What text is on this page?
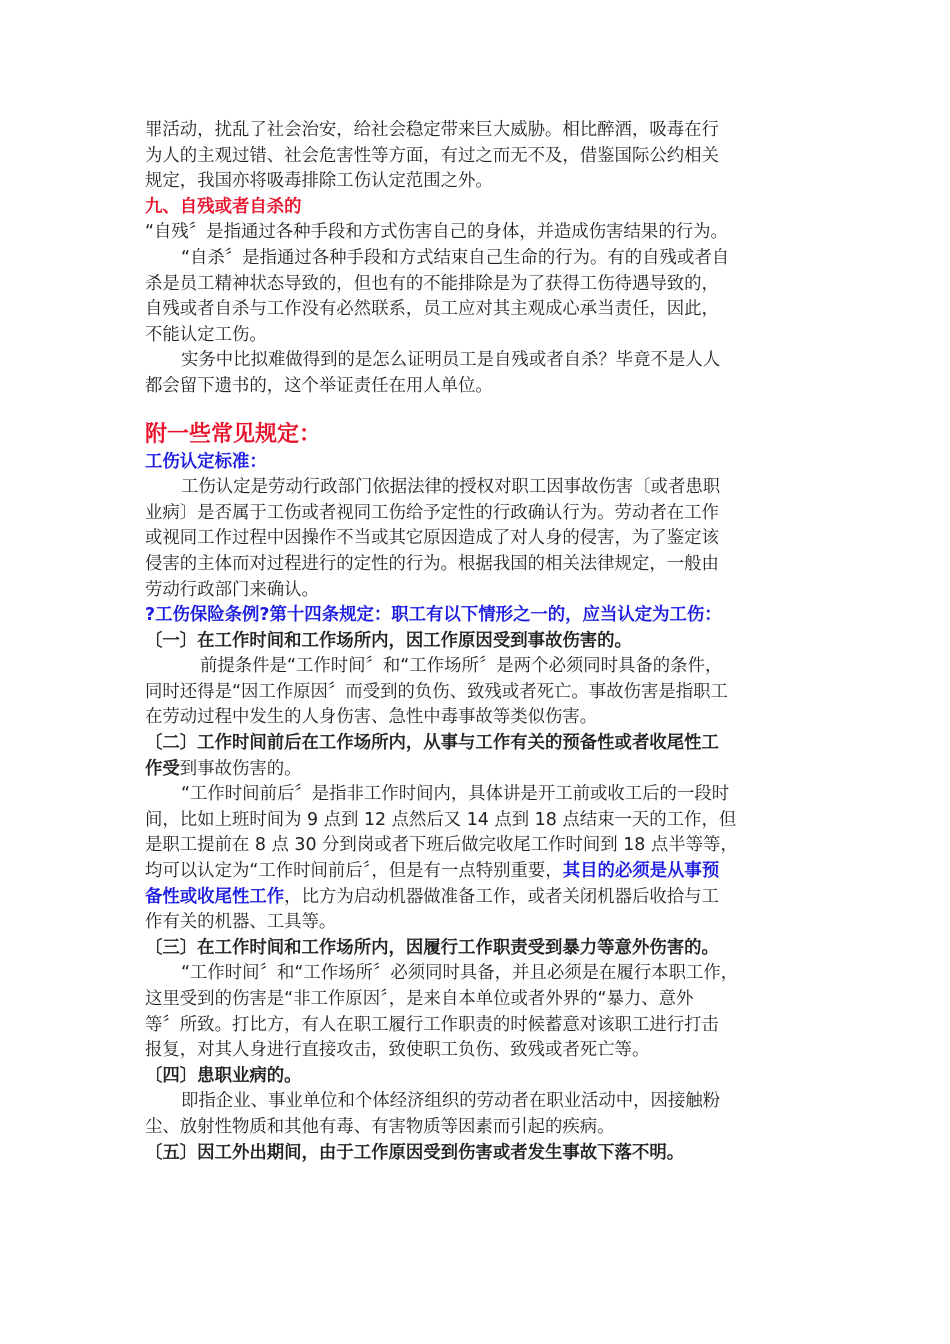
罪活动，扰乱了社会治安，给社会稳定带来巨大威胁。相比醉酒，吸毒在行

为人的主观过错、社会危害性等方面，有过之而无不及，借鉴国际公约相关

规定，我国亦将吸毒排除工伤认定范围之外。

九、自残或者自杀的

“自残〞是指通过各种手段和方式伤害自己的身体，并造成伤害结果的行为。

“自杀〞是指通过各种手段和方式结束自己生命的行为。有的自残或者自

杀是员工精神状态导致的，但也有的不能排除是为了获得工伤待遇导致的，

自残或者自杀与工作没有必然联系，员工应对其主观成心承当责任，因此，

不能认定工伤。

实务中比拟难做得到的是怎么证明员工是自残或者自杀？毕竟不是人人

都会留下遗书的，这个举证责任在用人单位。

附一些常见规定：

工伤认定标准：

工伤认定是劳动行政部门依据法律的授权对职工因事故伤害〔或者患职

业病〕是否属于工伤或者视同工伤给予定性的行政确认行为。劳动者在工作

或视同工作过程中因操作不当或其它原因造成了对人身的侵害，为了鉴定该

侵害的主体而对过程进行的定性的行为。根据我国的相关法律规定，一般由

劳动行政部门来确认。

?工伤保险条例?第十四条规定：职工有以下情形之一的，应当认定为工伤：

〔一〕在工作时间和工作场所内，因工作原因受到事故伤害的。

前提条件是“工作时间〞和“工作场所〞是两个必须同时具备的条件，

同时还得是“因工作原因〞而受到的负伤、致残或者死亡。事故伤害是指职工

在劳动过程中发生的人身伤害、急性中毒事故等类似伤害。

〔二〕工作时间前后在工作场所内，从事与工作有关的预备性或者收尾性工

作受到事故伤害的。

“工作时间前后〞是指非工作时间内，具体讲是开工前或收工后的一段时

间，比如上班时间为 9 点到 12 点然后又 14 点到 18 点结束一天的工作，但

是职工提前在 8 点 30 分到岗或者下班后做完收尾工作时间到 18 点半等等，

均可以认定为“工作时间前后〞，但是有一点特别重要，其目的必须是从事预

备性或收尾性工作，比方为启动机器做准备工作，或者关闭机器后收拾与工

作有关的机器、工具等。

〔三〕在工作时间和工作场所内，因履行工作职责受到暴力等意外伤害的。

“工作时间〞和“工作场所〞必须同时具备，并且必须是在履行本职工作，

这里受到的伤害是“非工作原因〞，是来自本单位或者外界的“暴力、意外

等〞所致。打比方，有人在职工履行工作职责的时候蓄意对该职工进行打击

报复，对其人身进行直接攻击，致使职工负伤、致残或者死亡等。

〔四〕患职业病的。

即指企业、事业单位和个体经济组织的劳动者在职业活动中，因接触粉

尘、放射性物质和其他有毒、有害物质等因素而引起的疾病。

〔五〕因工外出期间，由于工作原因受到伤害或者发生事故下落不明。
